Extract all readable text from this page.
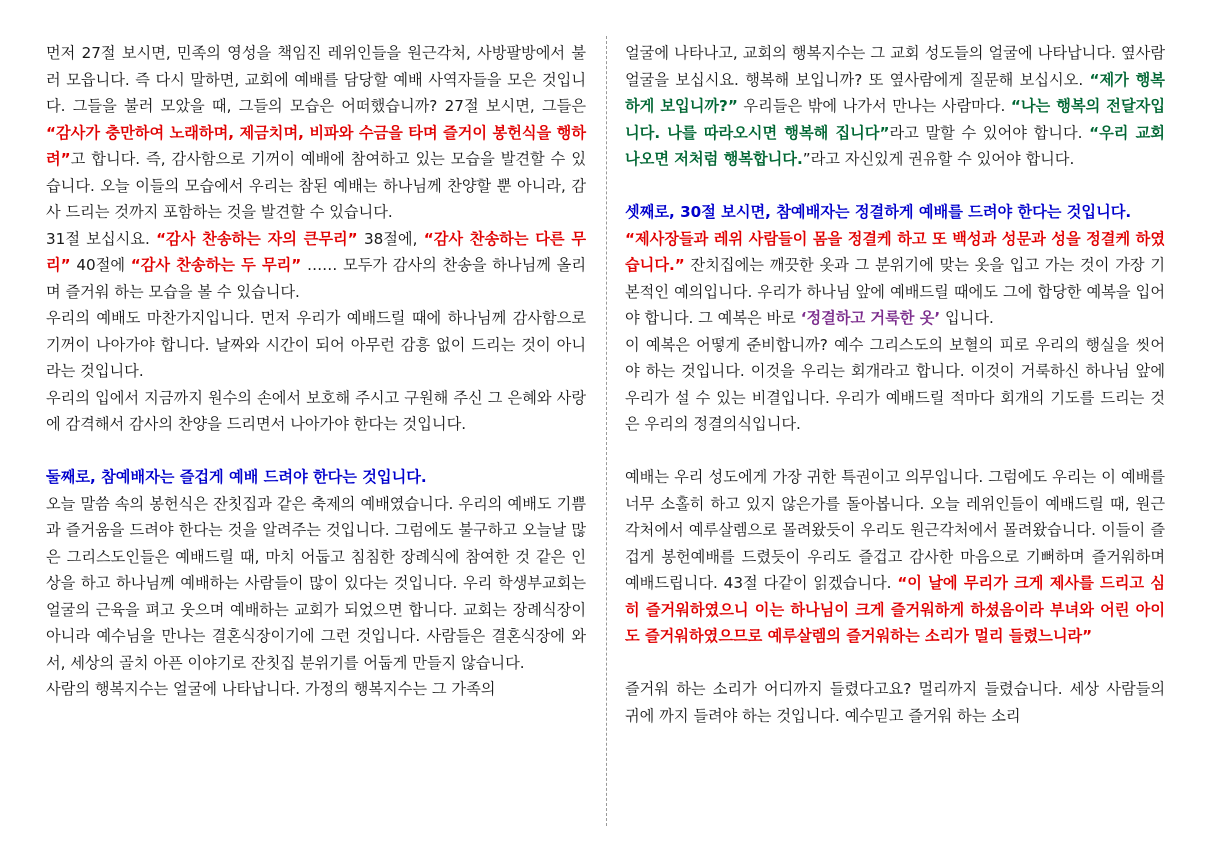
먼저 27절 보시면, 민족의 영성을 책임진 레위인들을 원근각처, 사방팔방에서 불러 모읍니다. 즉 다시 말하면, 교회에 예배를 담당할 예배 사역자들을 모은 것입니다. 그들을 불러 모았을 때, 그들의 모습은 어떠했습니까? 27절 보시면, 그들은 “감사가 충만하여 노래하며, 제금치며, 비파와 수금을 타며 즐거이 봉헌식을 행하려”고 합니다. 즉, 감사함으로 기꺼이 예배에 참여하고 있는 모습을 발견할 수 있습니다. 오늘 이들의 모습에서 우리는 참된 예배는 하나님께 찬양할 뿐 아니라, 감사 드리는 것까지 포함하는 것을 발견할 수 있습니다.

31절 보십시요. “감사 찬송하는 자의 큰무리” 38절에, “감사 찬송하는 다른 무리” 40절에 “감사 찬송하는 두 무리” …… 모두가 감사의 찬송을 하나님께 올리며 즐거워 하는 모습을 볼 수 있습니다.

우리의 예배도 마찬가지입니다. 먼저 우리가 예배드릴 때에 하나님께 감사함으로 기꺼이 나아가야 합니다. 날짜와 시간이 되어 아무런 감흥 없이 드리는 것이 아니라는 것입니다.

우리의 입에서 지금까지 원수의 손에서 보호해 주시고 구원해 주신 그 은혜와 사랑에 감격해서 감사의 찬양을 드리면서 나아가야 한다는 것입니다.

둘째로, 참예배자는 즐겁게 예배 드려야 한다는 것입니다.

오늘 말씀 속의 봉헌식은 잔칫집과 같은 축제의 예배였습니다. 우리의 예배도 기쁨과 즐거움을 드려야 한다는 것을 알려주는 것입니다. 그럼에도 불구하고 오늘날 많은 그리스도인들은 예배드릴 때, 마치 어둡고 침침한 장례식에 참여한 것 같은 인상을 하고 하나님께 예배하는 사람들이 많이 있다는 것입니다. 우리 학생부교회는 얼굴의 근육을 펴고 웃으며 예배하는 교회가 되었으면 합니다. 교회는 장례식장이 아니라 예수님을 만나는 결혼식장이기에 그런 것입니다. 사람들은 결혼식장에 와서, 세상의 골치 아픈 이야기로 잔칫집 분위기를 어둡게 만들지 않습니다.

사람의 행복지수는 얼굴에 나타납니다. 가정의 행복지수는 그 가족의

얼굴에 나타나고, 교회의 행복지수는 그 교회 성도들의 얼굴에 나타납니다. 옆사람 얼굴을 보십시요. 행복해 보입니까? 또 옆사람에게 질문해 보십시오. “제가 행복하게 보입니까?” 우리들은 밖에 나가서 만나는 사람마다. “나는 행복의 전달자입니다. 나를 따라오시면 행복해 집니다”라고 말할 수 있어야 합니다. “우리 교회 나오면 저처럼 행복합니다.”라고 자신있게 권유할 수 있어야 합니다.

셋째로, 30절 보시면, 참예배자는 정결하게 예배를 드려야 한다는 것입니다.

“제사장들과 레위 사람들이 몸을 정결케 하고 또 백성과 성문과 성을 정결케 하였습니다.” 잔치집에는 깨끗한 옷과 그 분위기에 맞는 옷을 입고 가는 것이 가장 기본적인 예의입니다. 우리가 하나님 앞에 예배드릴 때에도 그에 합당한 예복을 입어야 합니다. 그 예복은 바로 ‘정결하고 거룩한 옷’ 입니다.

이 예복은 어떻게 준비합니까? 예수 그리스도의 보혈의 피로 우리의 행실을 씻어야 하는 것입니다. 이것을 우리는 회개라고 합니다. 이것이 거룩하신 하나님 앞에 우리가 설 수 있는 비결입니다. 우리가 예배드릴 적마다 회개의 기도를 드리는 것은 우리의 정결의식입니다.

예배는 우리 성도에게 가장 귀한 특권이고 의무입니다. 그럼에도 우리는 이 예배를 너무 소홀히 하고 있지 않은가를 돌아봅니다. 오늘 레위인들이 예배드릴 때, 원근각처에서 예루살렘으로 몰려왔듯이 우리도 원근각처에서 몰려왔습니다. 이들이 즐겁게 봉헌예배를 드렸듯이 우리도 즐겁고 감사한 마음으로 기뻐하며 즐거워하며 예배드립니다. 43절 다같이 읽겠습니다. “이 날에 무리가 크게 제사를 드리고 심히 즐거워하였으니 이는 하나님이 크게 즐거워하게 하셨음이라 부녀와 어린 아이도 즐거워하였으므로 예루살렘의 즐거워하는 소리가 멀리 들렸느니라”

즐거워 하는 소리가 어디까지 들렸다고요? 멀리까지 들렸습니다. 세상 사람들의 귀에 까지 들려야 하는 것입니다. 예수믿고 즐거워 하는 소리
